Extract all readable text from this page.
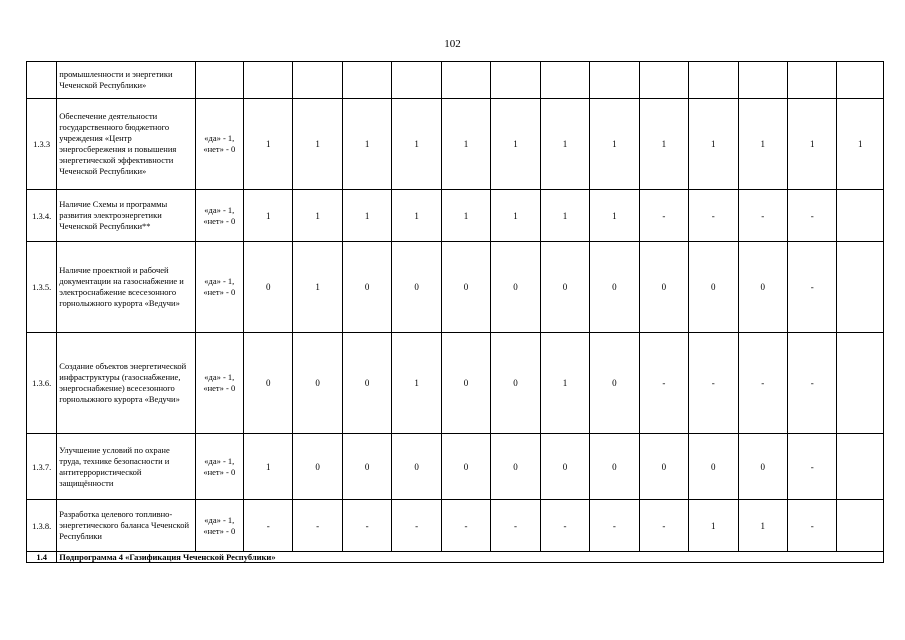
102
	промышленности и энергетики Чеченской Республики»														
1.3.3	Обеспечение деятельности государственного бюджетного учреждения «Центр энергосбережения и повышения энергетической эффективности Чеченской Республики»	«да» - 1, «нет» - 0	1	1	1	1	1	1	1	1	1	1	1	1	1
1.3.4.	Наличие Схемы и программы развития электроэнергетики Чеченской Республики**	«да» - 1, «нет» - 0	1	1	1	1	1	1	1	1	-	-	-	-	
1.3.5.	Наличие проектной и рабочей документации на газоснабжение и электроснабжение всесезонного горнолыжного курорта «Ведучи»	«да» - 1, «нет» - 0	0	1	0	0	0	0	0	0	0	0	0	-	
1.3.6.	Создание объектов энергетической инфраструктуры (газоснабжение, энергоснабжение) всесезонного горнолыжного курорта «Ведучи»	«да» - 1, «нет» - 0	0	0	0	1	0	0	1	0	-	-	-	-	
1.3.7.	Улучшение условий по охране труда, технике безопасности и антитеррористической защищённости	«да» - 1, «нет» - 0	1	0	0	0	0	0	0	0	0	0	0	-	
1.3.8.	Разработка целевого топливно-энергетического баланса Чеченской Республики	«да» - 1, «нет» - 0	-	-	-	-	-	-	-	-	-	1	1	-	
1.4	Подпрограмма 4 «Газификация Чеченской Республики»														
